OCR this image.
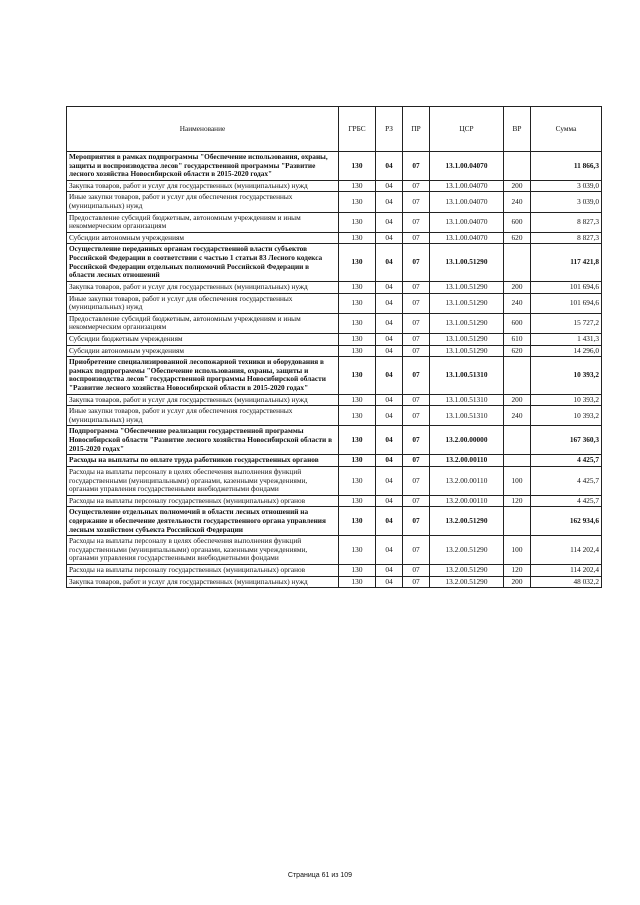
Наименование	ГРБС	РЗ	ПР	ЦСР	ВР	Сумма
Мероприятия в рамках подпрограммы "Обеспечение использования, охраны, защиты и воспроизводства лесов" государственной программы "Развитие лесного хозяйства Новосибирской области в 2015-2020 годах"	130	04	07	13.1.00.04070		11 866,3
Закупка товаров, работ и услуг для государственных (муниципальных) нужд	130	04	07	13.1.00.04070	200	3 039,0
Иные закупки товаров, работ и услуг для обеспечения государственных (муниципальных) нужд	130	04	07	13.1.00.04070	240	3 039,0
Предоставление субсидий бюджетным, автономным учреждениям и иным некоммерческим организациям	130	04	07	13.1.00.04070	600	8 827,3
Субсидии автономным учреждениям	130	04	07	13.1.00.04070	620	8 827,3
Осуществление переданных органам государственной власти субъектов Российской Федерации в соответствии с частью 1 статьи 83 Лесного кодекса Российской Федерации отдельных полномочий Российской Федерации в области лесных отношений	130	04	07	13.1.00.51290		117 421,8
Закупка товаров, работ и услуг для государственных (муниципальных) нужд	130	04	07	13.1.00.51290	200	101 694,6
Иные закупки товаров, работ и услуг для обеспечения государственных (муниципальных) нужд	130	04	07	13.1.00.51290	240	101 694,6
Предоставление субсидий бюджетным, автономным учреждениям и иным некоммерческим организациям	130	04	07	13.1.00.51290	600	15 727,2
Субсидии бюджетным учреждениям	130	04	07	13.1.00.51290	610	1 431,3
Субсидии автономным учреждениям	130	04	07	13.1.00.51290	620	14 296,0
Приобретение специализированной лесопожарной техники и оборудования в рамках подпрограммы "Обеспечение использования, охраны, защиты и воспроизводства лесов" государственной программы Новосибирской области "Развитие лесного хозяйства Новосибирской области в 2015-2020 годах"	130	04	07	13.1.00.51310		10 393,2
Закупка товаров, работ и услуг для государственных (муниципальных) нужд	130	04	07	13.1.00.51310	200	10 393,2
Иные закупки товаров, работ и услуг для обеспечения государственных (муниципальных) нужд	130	04	07	13.1.00.51310	240	10 393,2
Подпрограмма "Обеспечение реализации государственной программы Новосибирской области "Развитие лесного хозяйства Новосибирской области в 2015-2020 годах"	130	04	07	13.2.00.00000		167 360,3
Расходы на выплаты по оплате труда работников государственных органов	130	04	07	13.2.00.00110		4 425,7
Расходы на выплаты персоналу в целях обеспечения выполнения функций государственными (муниципальными) органами, казенными учреждениями, органами управления государственными внебюджетными фондами	130	04	07	13.2.00.00110	100	4 425,7
Расходы на выплаты персоналу государственных (муниципальных) органов	130	04	07	13.2.00.00110	120	4 425,7
Осуществление отдельных полномочий в области лесных отношений на содержание и обеспечение деятельности государственного органа управления лесным хозяйством субъекта Российской Федерации	130	04	07	13.2.00.51290		162 934,6
Расходы на выплаты персоналу в целях обеспечения выполнения функций государственными (муниципальными) органами, казенными учреждениями, органами управления государственными внебюджетными фондами	130	04	07	13.2.00.51290	100	114 202,4
Расходы на выплаты персоналу государственных (муниципальных) органов	130	04	07	13.2.00.51290	120	114 202,4
Закупка товаров, работ и услуг для государственных (муниципальных) нужд	130	04	07	13.2.00.51290	200	48 032,2
Страница 61 из 109
